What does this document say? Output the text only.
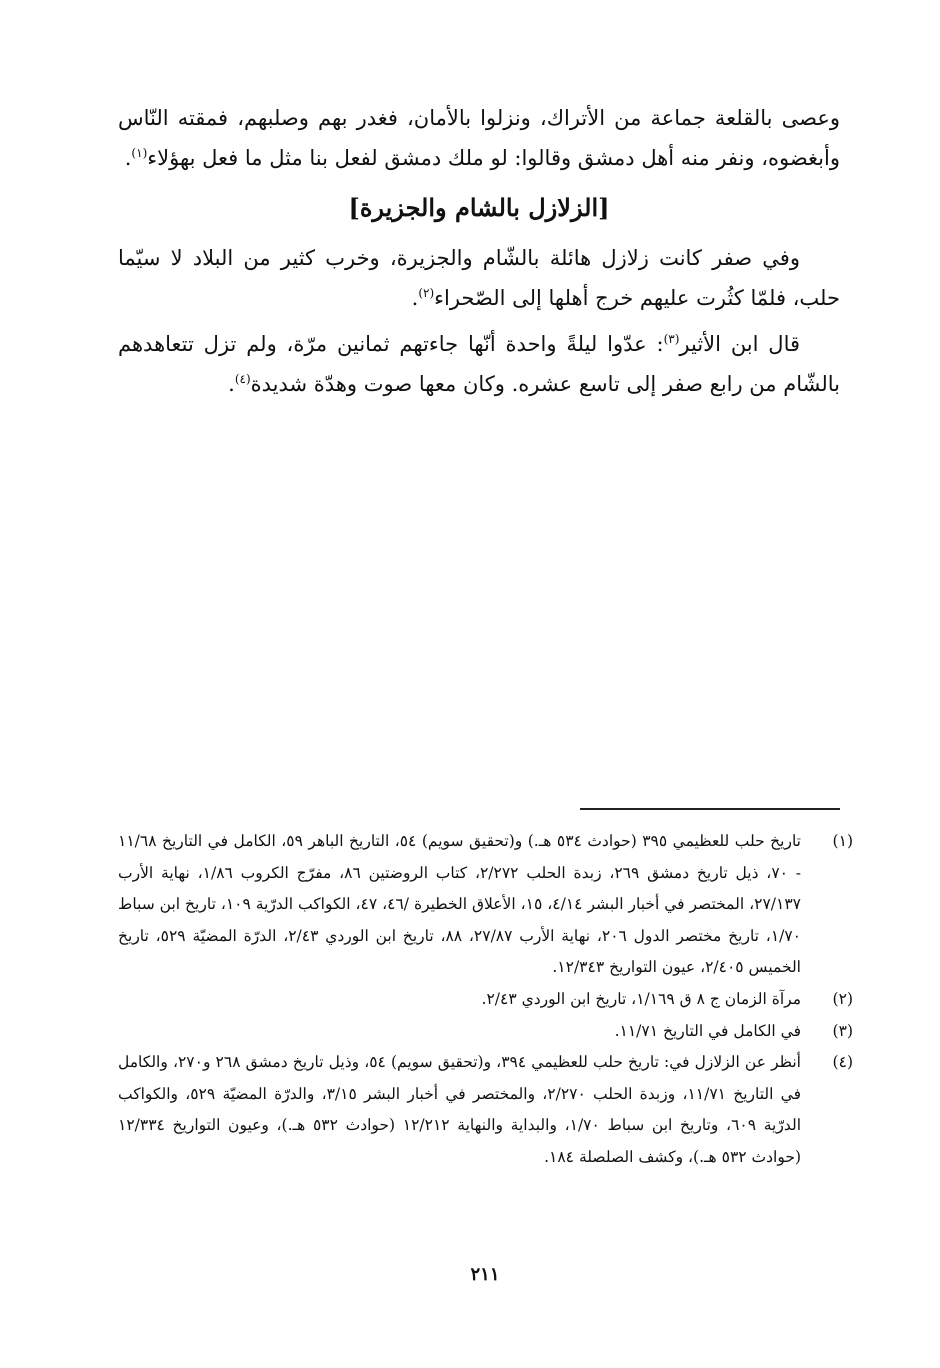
وعصى بالقلعة جماعة من الأتراك، ونزلوا بالأمان، فغدر بهم وصلبهم، فمقته النّاس وأبغضوه، ونفر منه أهل دمشق وقالوا: لو ملك دمشق لفعل بنا مثل ما فعل بهؤلاء$^{(١)}$.

[الزلازل بالشام والجزيرة]

وفي صفر كانت زلازل هائلة بالشّام والجزيرة، وخرب كثير من البلاد لا سيّما حلب، فلمّا كثُرت عليهم خرج أهلها إلى الصّحراء$^{(٢)}$.

قال ابن الأثير$^{(٣)}$: عدّوا ليلةً واحدة أنّها جاءتهم ثمانين مرّة، ولم تزل تتعاهدهم بالشّام من رابع صفر إلى تاسع عشره. وكان معها صوت وهدّة شديدة$^{(٤)}$.

(١)
تاريخ حلب للعظيمي ٣٩٥ (حوادث ٥٣٤ هـ.) و(تحقيق سويم) ٥٤، التاريخ الباهر ٥٩، الكامل في التاريخ ١١/٦٨ - ٧٠، ذيل تاريخ دمشق ٢٦٩، زبدة الحلب ٢/٢٧٢، كتاب الروضتين ٨٦، مفرّج الكروب ١/٨٦، نهاية الأرب ٢٧/١٣٧، المختصر في أخبار البشر ٤/١٤، ١٥، الأعلاق الخطيرة /٤٦، ٤٧، الكواكب الدرّية ١٠٩، تاريخ ابن سباط ١/٧٠، تاريخ مختصر الدول ٢٠٦، نهاية الأرب ٢٧/٨٧، ٨٨، تاريخ ابن الوردي ٢/٤٣، الدرّة المضيّة ٥٢٩، تاريخ الخميس ٢/٤٠٥، عيون التواريخ ١٢/٣٤٣.
(٢)
مرآة الزمان ج ٨ ق ١/١٦٩، تاريخ ابن الوردي ٢/٤٣.
(٣)
في الكامل في التاريخ ١١/٧١.
(٤)
أنظر عن الزلازل في: تاريخ حلب للعظيمي ٣٩٤، و(تحقيق سويم) ٥٤، وذيل تاريخ دمشق ٢٦٨ و٢٧٠، والكامل في التاريخ ١١/٧١، وزبدة الحلب ٢/٢٧٠، والمختصر في أخبار البشر ٣/١٥، والدرّة المضيّة ٥٢٩، والكواكب الدرّية ٦٠٩، وتاريخ ابن سباط ١/٧٠، والبداية والنهاية ١٢/٢١٢ (حوادث ٥٣٢ هـ.)، وعيون التواريخ ١٢/٣٣٤ (حوادث ٥٣٢ هـ.)، وكشف الصلصلة ١٨٤.
٢١١
